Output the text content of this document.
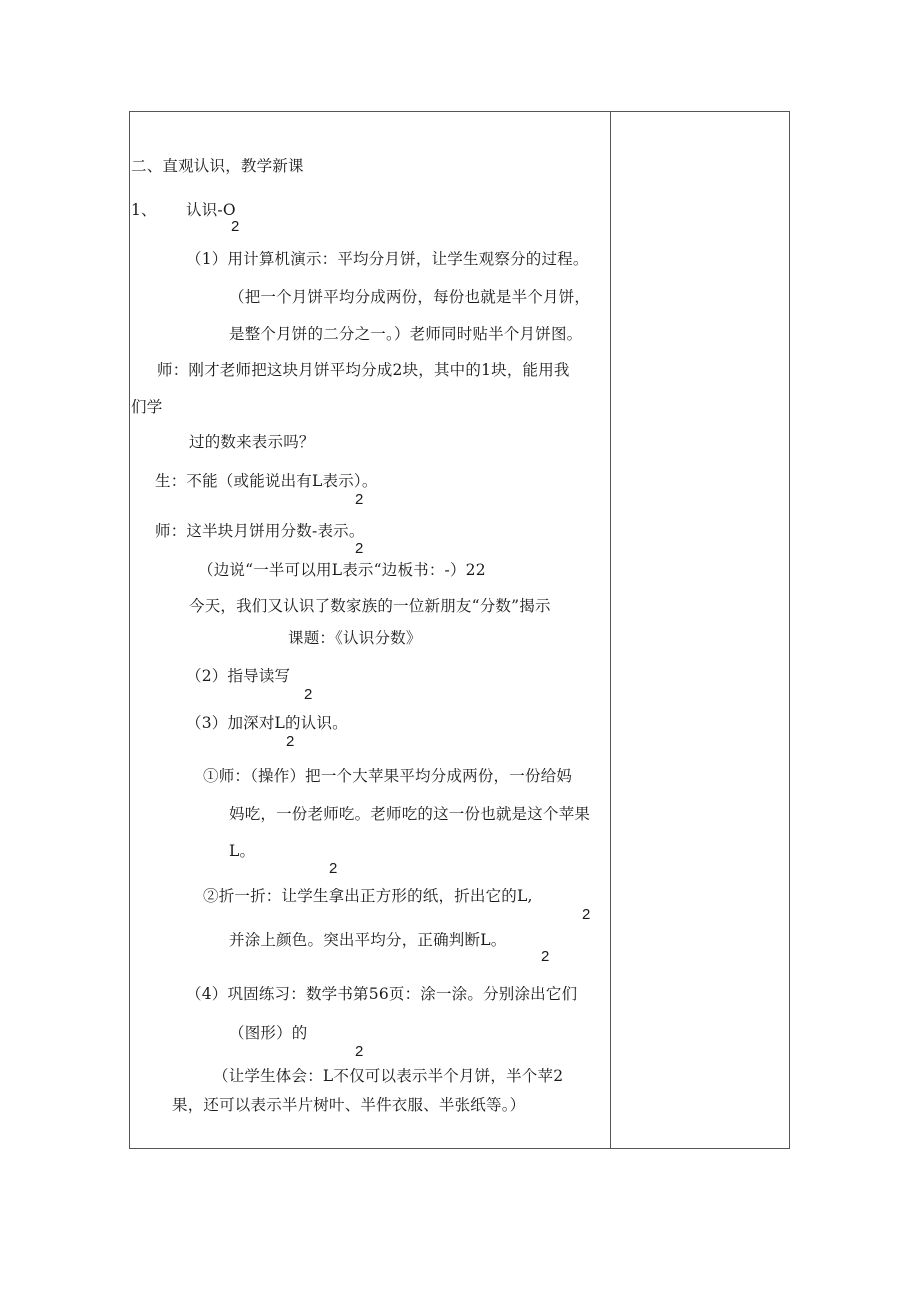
二、直观认识，教学新课
1、 认识-O
2
（1）用计算机演示：平均分月饼，让学生观察分的过程。
（把一个月饼平均分成两份，每份也就是半个月饼，
是整个月饼的二分之一。）老师同时贴半个月饼图。
师：刚才老师把这块月饼平均分成2块，其中的1块，能用我
们学
过的数来表示吗？
生：不能（或能说出有L表示）。
2
师：这半块月饼用分数-表示。
2
（边说“一半可以用L表示“边板书：-）22
今天，我们又认识了数家族的一位新朋友“分数”揭示
课题：《认识分数》
（2）指导读写
2
（3）加深对L的认识。
2
①师：（操作）把一个大苹果平均分成两份，一份给妈
妈吃，一份老师吃。老师吃的这一份也就是这个苹果
L。
2
②折一折：让学生拿出正方形的纸，折出它的L,
2
并涂上颜色。突出平均分，正确判断L。
2
（4）巩固练习：数学书第56页：涂一涂。分别涂出它们
（图形）的
2
（让学生体会：L不仅可以表示半个月饼，半个苹2
果，还可以表示半片树叶、半件衣服、半张纸等。）
